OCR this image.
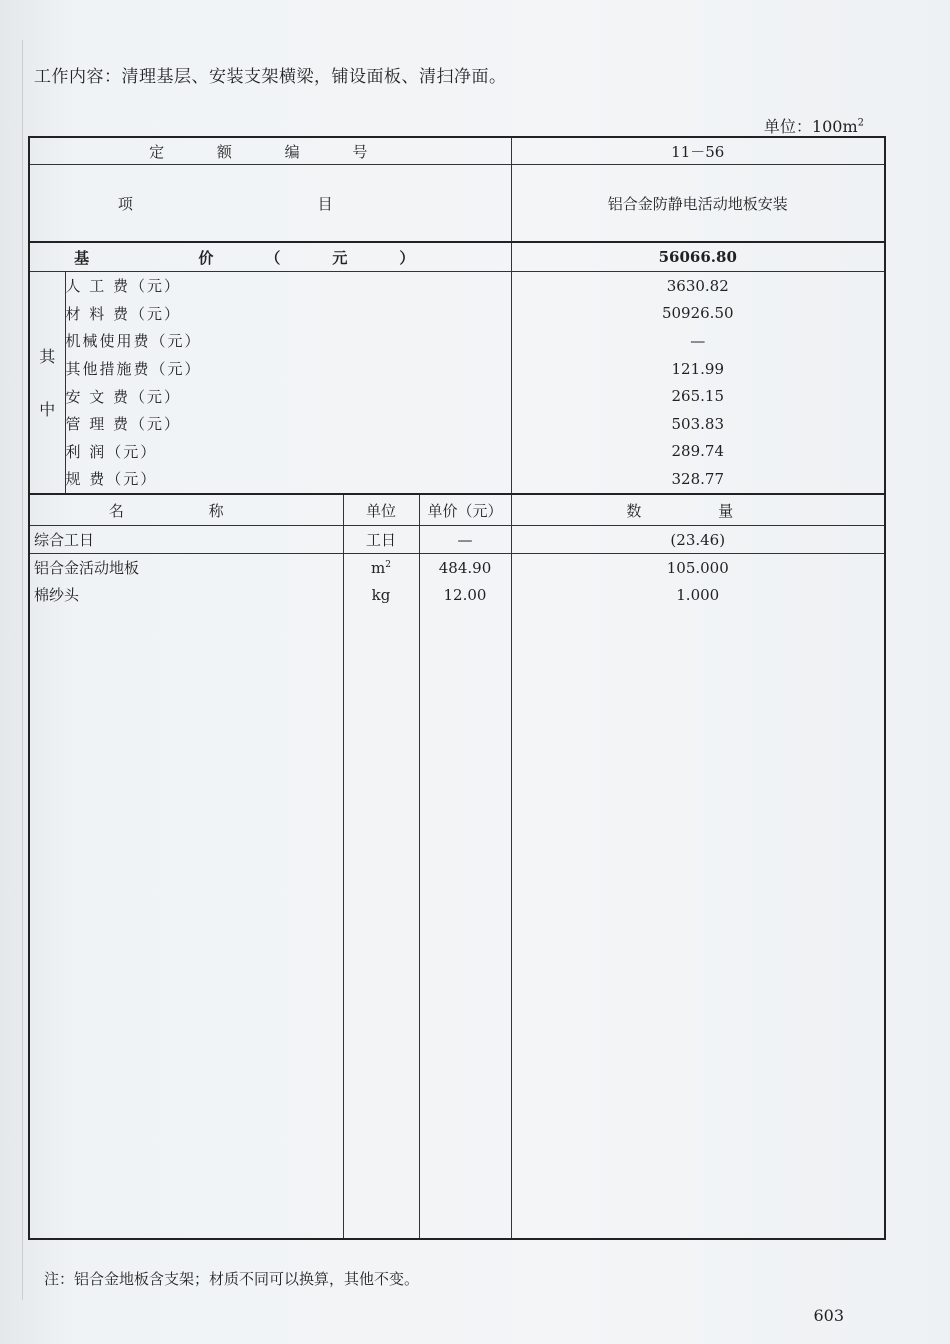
工作内容：清理基层、安装支架横梁，铺设面板、清扫净面。
单位：$100m^2$
定 额 编 号				11－56
项 目				铝合金防静电活动地板安装
基 价（元）				56066.80

其
中	人 工 费（元）			3630.82
	材 料 费（元）			50926.50
	机械使用费（元）			—
	其他措施费（元）			121.99
	安 文 费（元）			265.15
	管 理 费（元）			503.83
	利 润（元）			289.74
	规 费（元）			328.77
名 称		单位	单价（元）	数 量
综合工日		工日	—	(23.46)
铝合金活动地板		$m^2$	484.90	105.000
棉纱头		kg	12.00	1.000

注：铝合金地板含支架；材质不同可以换算，其他不变。
603
